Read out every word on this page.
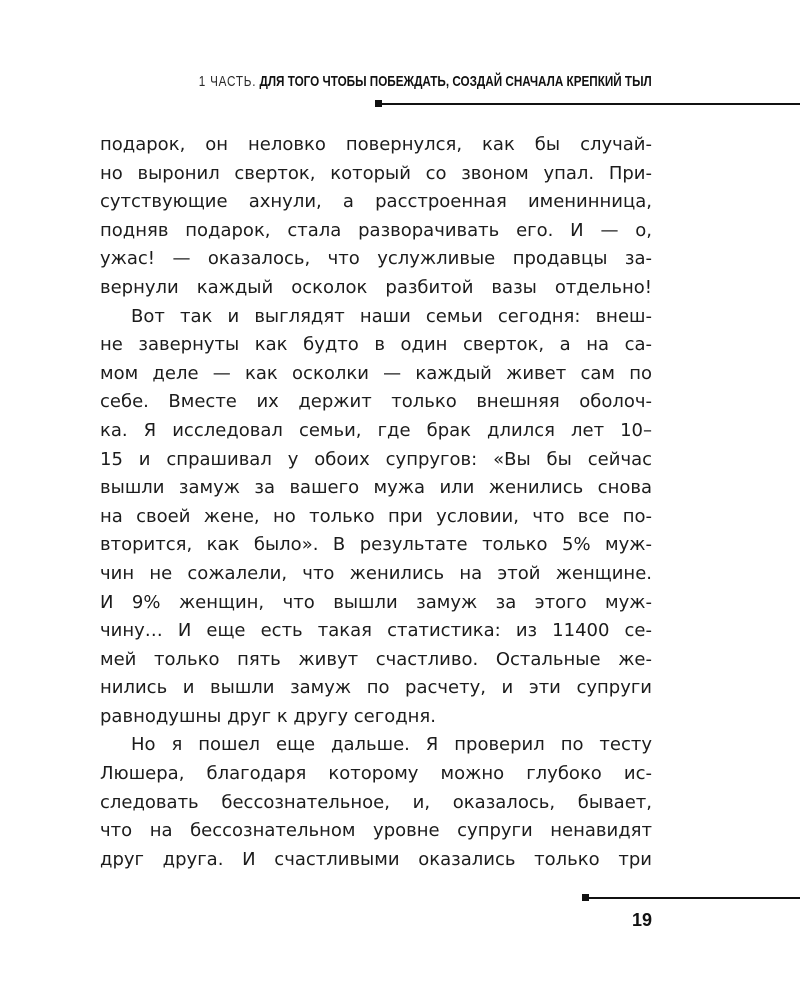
1 ЧАСТЬ. ДЛЯ ТОГО ЧТОБЫ ПОБЕЖДАТЬ, СОЗДАЙ СНАЧАЛА КРЕПКИЙ ТЫЛ
подарок, он неловко повернулся, как бы случай-
но выронил сверток, который со звоном упал. При-
сутствующие ахнули, а расстроенная именинница,
подняв подарок, стала разворачивать его. И — о,
ужас! — оказалось, что услужливые продавцы за-
вернули каждый осколок разбитой вазы отдельно!
Вот так и выглядят наши семьи сегодня: внеш-
не завернуты как будто в один сверток, а на са-
мом деле — как осколки — каждый живет сам по
себе. Вместе их держит только внешняя оболоч-
ка. Я исследовал семьи, где брак длился лет 10–
15 и спрашивал у обоих супругов: «Вы бы сейчас
вышли замуж за вашего мужа или женились снова
на своей жене, но только при условии, что все по-
вторится, как было». В результате только 5% муж-
чин не сожалели, что женились на этой женщине.
И 9% женщин, что вышли замуж за этого муж-
чину… И еще есть такая статистика: из 11400 се-
мей только пять живут счастливо. Остальные же-
нились и вышли замуж по расчету, и эти супруги
равнодушны друг к другу сегодня.
Но я пошел еще дальше. Я проверил по тесту
Люшера, благодаря которому можно глубоко ис-
следовать бессознательное, и, оказалось, бывает,
что на бессознательном уровне супруги ненавидят
друг друга. И счастливыми оказались только три
19
